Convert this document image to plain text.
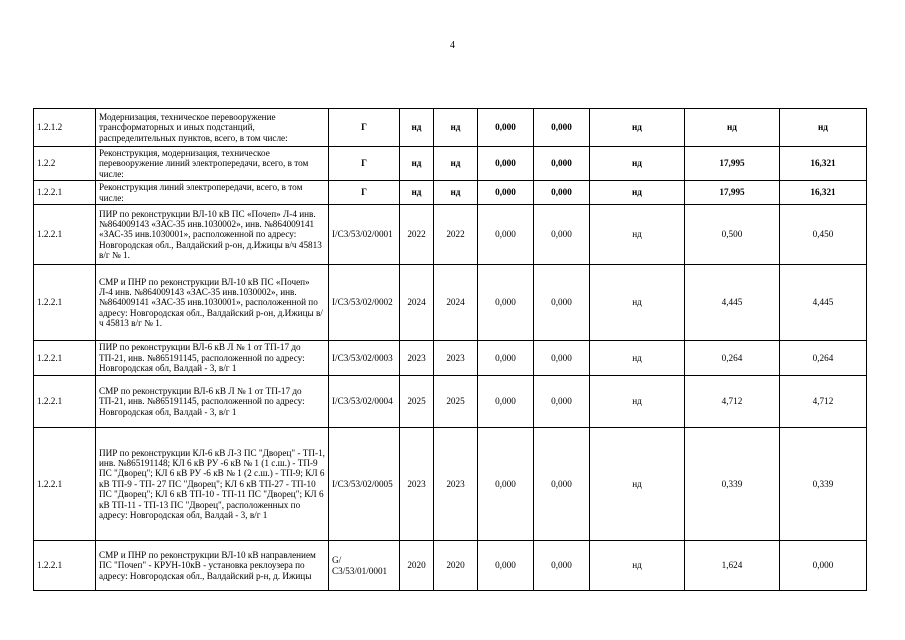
4
1.2.1.2	Модернизация, техническое перевооружение трансформаторных и иных подстанций, распределительных пунктов, всего, в том числе:	Г	нд	нд	0,000	0,000	нд	нд	нд
1.2.2	Реконструкция, модернизация, техническое перевооружение линий электропередачи, всего, в том числе:	Г	нд	нд	0,000	0,000	нд	17,995	16,321
1.2.2.1	Реконструкция линий электропередачи, всего, в том числе:	Г	нд	нд	0,000	0,000	нд	17,995	16,321
1.2.2.1	ПИР по реконструкции ВЛ-10 кВ ПС «Почеп» Л-4 инв. №864009143 «ЗАС-35 инв.1030002», инв. №864009141 «ЗАС-35 инв.1030001», расположенной по адресу: Новгородская обл., Валдайский р-он, д.Ижицы в/ч 45813 в/г № 1.	I/С3/53/02/0001	2022	2022	0,000	0,000	нд	0,500	0,450
1.2.2.1	СМР и ПНР по реконструкции ВЛ-10 кВ ПС «Почеп» Л-4 инв. №864009143 «ЗАС-35 инв.1030002», инв. №864009141 «ЗАС-35 инв.1030001», расположенной по адресу: Новгородская обл., Валдайский р-он, д.Ижицы в/ч 45813 в/г № 1.	I/С3/53/02/0002	2024	2024	0,000	0,000	нд	4,445	4,445
1.2.2.1	ПИР по реконструкции ВЛ-6 кВ Л № 1 от ТП-17 до ТП-21, инв. №865191145, расположенной по адресу: Новгородская обл, Валдай - 3, в/г 1	I/С3/53/02/0003	2023	2023	0,000	0,000	нд	0,264	0,264
1.2.2.1	СМР по реконструкции ВЛ-6 кВ Л № 1 от ТП-17 до ТП-21, инв. №865191145, расположенной по адресу: Новгородская обл, Валдай - 3, в/г 1	I/С3/53/02/0004	2025	2025	0,000	0,000	нд	4,712	4,712
1.2.2.1	ПИР по реконструкции КЛ-6 кВ Л-3 ПС "Дворец" - ТП-1, инв. №865191148; КЛ 6 кВ РУ -6 кВ № 1 (1 с.ш.) - ТП-9 ПС "Дворец"; КЛ 6 кВ РУ -6 кВ № 1 (2 с.ш.) - ТП-9; КЛ 6 кВ ТП-9 - ТП- 27 ПС "Дворец"; КЛ 6 кВ ТП-27 - ТП-10 ПС "Дворец"; КЛ 6 кВ ТП-10 - ТП-11 ПС "Дворец"; КЛ 6 кВ ТП-11 - ТП-13 ПС "Дворец", расположенных по адресу: Новгородская обл, Валдай - 3, в/г 1	I/С3/53/02/0005	2023	2023	0,000	0,000	нд	0,339	0,339
1.2.2.1	СМР и ПНР по реконструкции ВЛ-10 кВ направлением ПС "Почеп" - КРУН-10кВ - установка реклоузера по адресу: Новгородская обл., Валдайский р-н, д. Ижицы	G/С3/53/01/0001	2020	2020	0,000	0,000	нд	1,624	0,000
